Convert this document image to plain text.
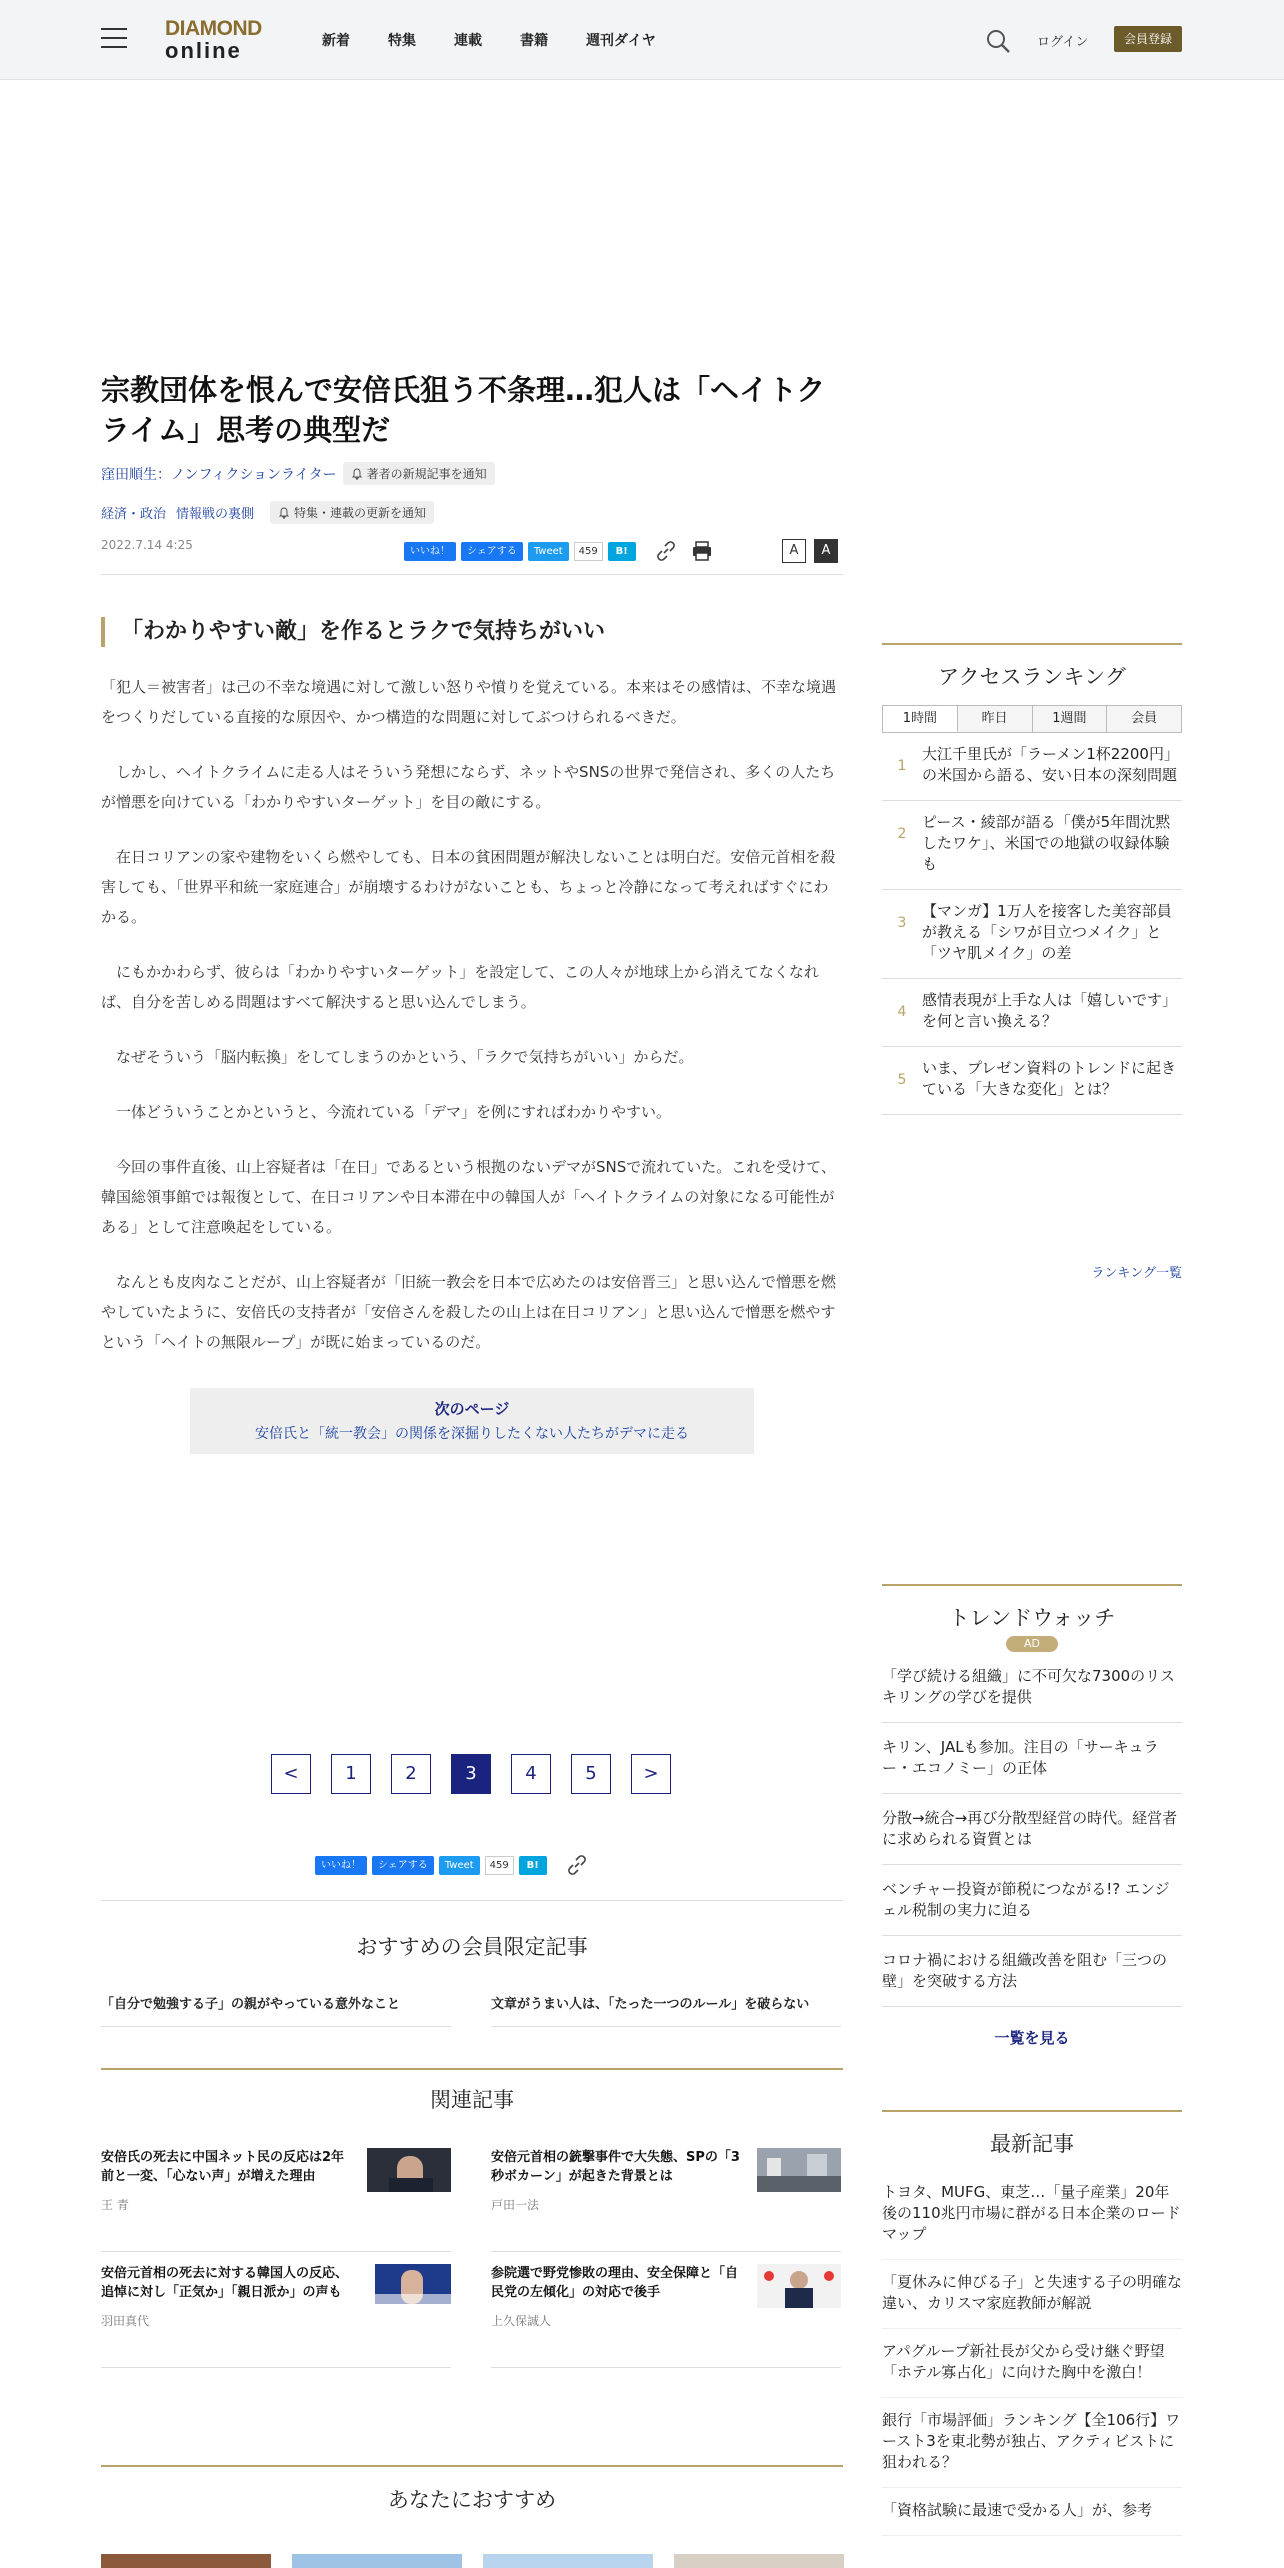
DIAMOND
online	新着	特集	連載	書籍	週刊ダイヤ	ログイン	会員登録
宗教団体を恨んで安倍氏狙う不条理…犯人は「ヘイトクライム」思考の典型だ
窪田順生：ノンフィクションライター	著者の新規記事を通知
経済・政治 情報戦の裏側	特集・連載の更新を通知
2022.7.14 4:25	いいね！	シェアする	Tweet	459	B!	A	A
「わかりやすい敵」を作るとラクで気持ちがいい

「犯人＝被害者」は己の不幸な境遇に対して激しい怒りや憤りを覚えている。本来はその感情は、不幸な境遇をつくりだしている直接的な原因や、かつ構造的な問題に対してぶつけられるべきだ。

　しかし、ヘイトクライムに走る人はそういう発想にならず、ネットやSNSの世界で発信され、多くの人たちが憎悪を向けている「わかりやすいターゲット」を目の敵にする。

　在日コリアンの家や建物をいくら燃やしても、日本の貧困問題が解決しないことは明白だ。安倍元首相を殺害しても、「世界平和統一家庭連合」が崩壊するわけがないことも、ちょっと冷静になって考えればすぐにわかる。

　にもかかわらず、彼らは「わかりやすいターゲット」を設定して、この人々が地球上から消えてなくなれば、自分を苦しめる問題はすべて解決すると思い込んでしまう。

　なぜそういう「脳内転換」をしてしまうのかという、「ラクで気持ちがいい」からだ。

　一体どういうことかというと、今流れている「デマ」を例にすればわかりやすい。

　今回の事件直後、山上容疑者は「在日」であるという根拠のないデマがSNSで流れていた。これを受けて、韓国総領事館では報復として、在日コリアンや日本滞在中の韓国人が「ヘイトクライムの対象になる可能性がある」として注意喚起をしている。

　なんとも皮肉なことだが、山上容疑者が「旧統一教会を日本で広めたのは安倍晋三」と思い込んで憎悪を燃やしていたように、安倍氏の支持者が「安倍さんを殺したの山上は在日コリアン」と思い込んで憎悪を燃やすという「ヘイトの無限ループ」が既に始まっているのだ。

次のページ
安倍氏と「統一教会」の関係を深掘りしたくない人たちがデマに走る
<	1	2	3	4	5	>
いいね！	シェアする	Tweet	459	B!
おすすめの会員限定記事
「自分で勉強する子」の親がやっている意外なこと	文章がうまい人は、「たった一つのルール」を破らない
関連記事
安倍氏の死去に中国ネット民の反応は2年前と一変、「心ない声」が増えた理由
王 青
安倍元首相の銃撃事件で大失態、SPの「3秒ボカーン」が起きた背景とは
戸田一法
安倍元首相の死去に対する韓国人の反応、追悼に対し「正気か」「親日派か」の声も
羽田真代
参院選で野党惨敗の理由、安全保障と「自民党の左傾化」の対応で後手
上久保誠人
あなたにおすすめ
アクセスランキング
1時間	昨日	1週間	会員
1
大江千里氏が「ラーメン1杯2200円」の米国から語る、安い日本の深刻問題
2
ピース・綾部が語る「僕が5年間沈黙したワケ」、米国での地獄の収録体験も
3
【マンガ】1万人を接客した美容部員が教える「シワが目立つメイク」と「ツヤ肌メイク」の差
4
感情表現が上手な人は「嬉しいです」を何と言い換える？
5
いま、プレゼン資料のトレンドに起きている「大きな変化」とは？
ランキング一覧
トレンドウォッチ
AD
「学び続ける組織」に不可欠な7300のリスキリングの学びを提供
キリン、JALも参加。注目の「サーキュラー・エコノミー」の正体
分散→統合→再び分散型経営の時代。経営者に求められる資質とは
ベンチャー投資が節税につながる!? エンジェル税制の実力に迫る
コロナ禍における組織改善を阻む「三つの壁」を突破する方法
一覧を見る
最新記事
トヨタ、MUFG、東芝…「量子産業」20年後の110兆円市場に群がる日本企業のロードマップ
「夏休みに伸びる子」と失速する子の明確な違い、カリスマ家庭教師が解説
アパグループ新社長が父から受け継ぐ野望「ホテル寡占化」に向けた胸中を激白！
銀行「市場評価」ランキング【全106行】ワースト3を東北勢が独占、アクティビストに狙われる？
「資格試験に最速で受かる人」が、参考
